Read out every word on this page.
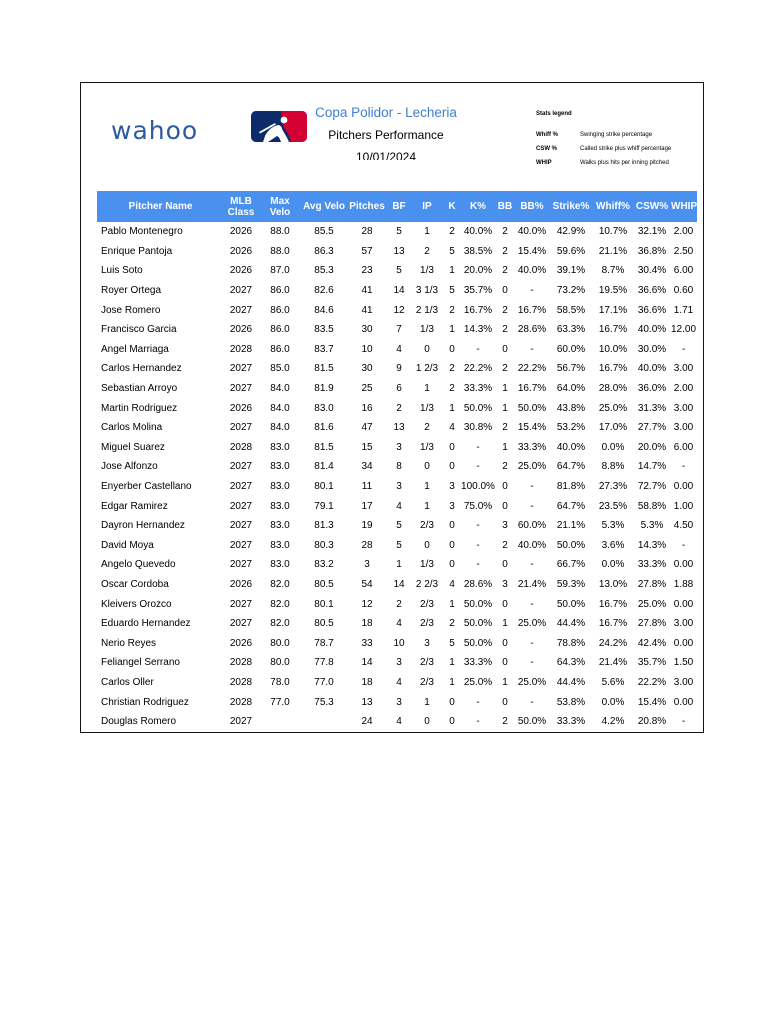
wahoo
Copa Polidor - Lecheria
Pitchers Performance
10/01/2024
Stats legend
Whiff %	Swinging strike percentage
CSW %	Called strike plus whiff percentage
WHIP	Walks plus hits per inning pitched
Pitcher Name	MLB Class	Max Velo	Avg Velo	Pitches	BF	IP	K	K%	BB	BB%	Strike%	Whiff%	CSW%	WHIP
Pablo Montenegro	2026	88.0	85.5	28	5	1	2	40.0%	2	40.0%	42.9%	10.7%	32.1%	2.00
Enrique Pantoja	2026	88.0	86.3	57	13	2	5	38.5%	2	15.4%	59.6%	21.1%	36.8%	2.50
Luis Soto	2026	87.0	85.3	23	5	1/3	1	20.0%	2	40.0%	39.1%	8.7%	30.4%	6.00
Royer Ortega	2027	86.0	82.6	41	14	3 1/3	5	35.7%	0	-	73.2%	19.5%	36.6%	0.60
Jose Romero	2027	86.0	84.6	41	12	2 1/3	2	16.7%	2	16.7%	58.5%	17.1%	36.6%	1.71
Francisco Garcia	2026	86.0	83.5	30	7	1/3	1	14.3%	2	28.6%	63.3%	16.7%	40.0%	12.00
Angel Marriaga	2028	86.0	83.7	10	4	0	0	-	0	-	60.0%	10.0%	30.0%	-
Carlos Hernandez	2027	85.0	81.5	30	9	1 2/3	2	22.2%	2	22.2%	56.7%	16.7%	40.0%	3.00
Sebastian Arroyo	2027	84.0	81.9	25	6	1	2	33.3%	1	16.7%	64.0%	28.0%	36.0%	2.00
Martin Rodriguez	2026	84.0	83.0	16	2	1/3	1	50.0%	1	50.0%	43.8%	25.0%	31.3%	3.00
Carlos Molina	2027	84.0	81.6	47	13	2	4	30.8%	2	15.4%	53.2%	17.0%	27.7%	3.00
Miguel Suarez	2028	83.0	81.5	15	3	1/3	0	-	1	33.3%	40.0%	0.0%	20.0%	6.00
Jose Alfonzo	2027	83.0	81.4	34	8	0	0	-	2	25.0%	64.7%	8.8%	14.7%	-
Enyerber Castellano	2027	83.0	80.1	11	3	1	3	100.0%	0	-	81.8%	27.3%	72.7%	0.00
Edgar Ramirez	2027	83.0	79.1	17	4	1	3	75.0%	0	-	64.7%	23.5%	58.8%	1.00
Dayron Hernandez	2027	83.0	81.3	19	5	2/3	0	-	3	60.0%	21.1%	5.3%	5.3%	4.50
David Moya	2027	83.0	80.3	28	5	0	0	-	2	40.0%	50.0%	3.6%	14.3%	-
Angelo Quevedo	2027	83.0	83.2	3	1	1/3	0	-	0	-	66.7%	0.0%	33.3%	0.00
Oscar Cordoba	2026	82.0	80.5	54	14	2 2/3	4	28.6%	3	21.4%	59.3%	13.0%	27.8%	1.88
Kleivers Orozco	2027	82.0	80.1	12	2	2/3	1	50.0%	0	-	50.0%	16.7%	25.0%	0.00
Eduardo Hernandez	2027	82.0	80.5	18	4	2/3	2	50.0%	1	25.0%	44.4%	16.7%	27.8%	3.00
Nerio Reyes	2026	80.0	78.7	33	10	3	5	50.0%	0	-	78.8%	24.2%	42.4%	0.00
Feliangel Serrano	2028	80.0	77.8	14	3	2/3	1	33.3%	0	-	64.3%	21.4%	35.7%	1.50
Carlos Oller	2028	78.0	77.0	18	4	2/3	1	25.0%	1	25.0%	44.4%	5.6%	22.2%	3.00
Christian Rodriguez	2028	77.0	75.3	13	3	1	0	-	0	-	53.8%	0.0%	15.4%	0.00
Douglas Romero	2027			24	4	0	0	-	2	50.0%	33.3%	4.2%	20.8%	-
